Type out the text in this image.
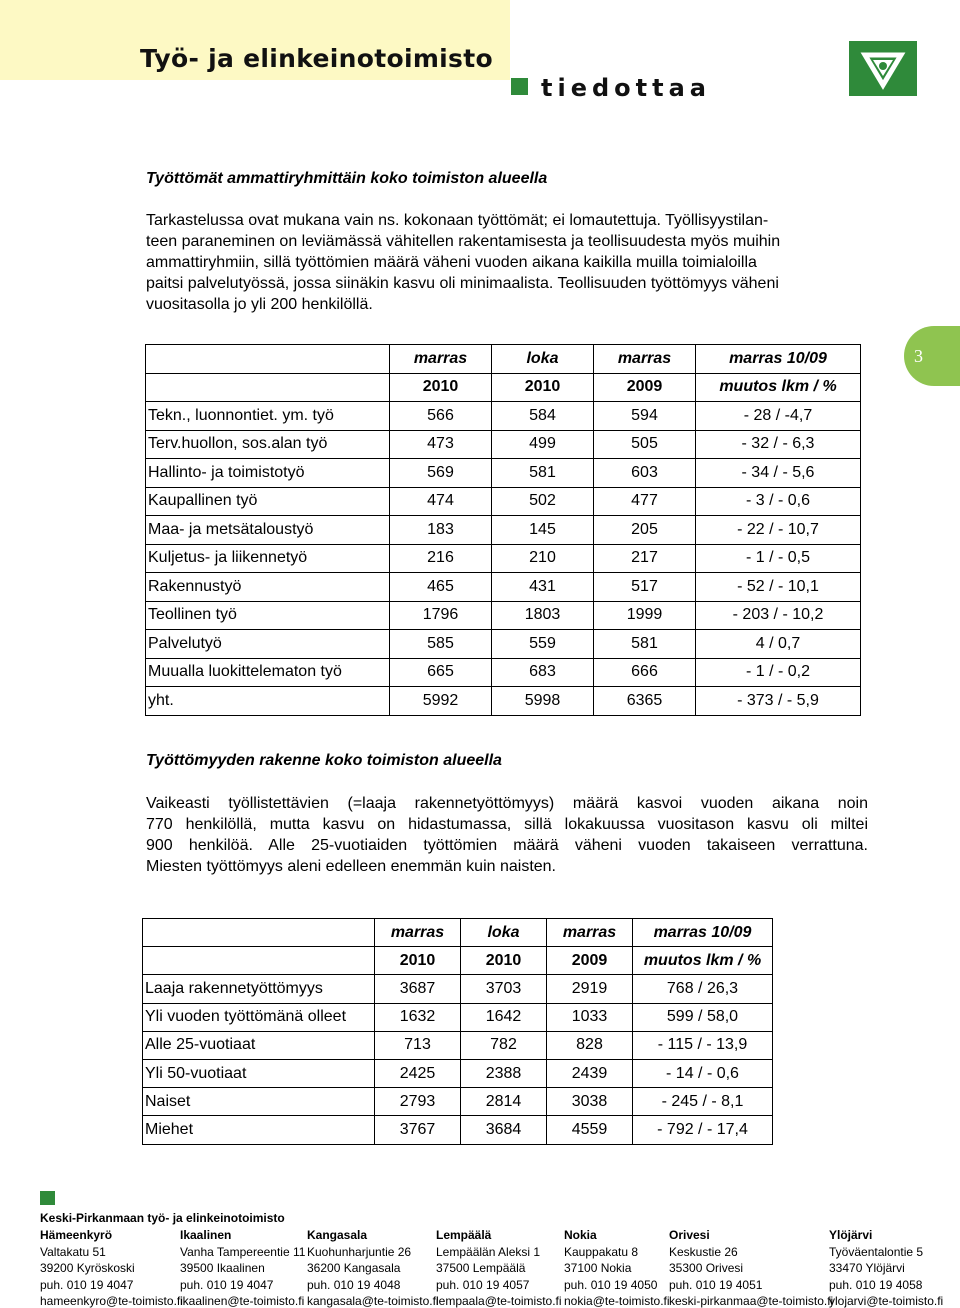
Työ- ja elinkeinotoimisto
tiedottaa
3
Työttömät ammattiryhmittäin koko toimiston alueella
Tarkastelussa ovat mukana vain ns. kokonaan työttömät; ei lomautettuja. Työllisyystilan-
teen paraneminen on leviämässä vähitellen rakentamisesta ja teollisuudesta myös muihin
ammattiryhmiin, sillä työttömien määrä väheni vuoden aikana kaikilla muilla toimialoilla
paitsi palvelutyössä, jossa siinäkin kasvu oli minimaalista. Teollisuuden työttömyys väheni
vuositasolla jo yli 200 henkilöllä.
	marras	loka	marras	marras 10/09
	2010	2010	2009	muutos lkm / %
Tekn., luonnontiet. ym. työ	566	584	594	- 28 / -4,7
Terv.huollon, sos.alan työ	473	499	505	- 32 / - 6,3
Hallinto- ja toimistotyö	569	581	603	- 34 / - 5,6
Kaupallinen työ	474	502	477	- 3 / - 0,6
Maa- ja metsätaloustyö	183	145	205	- 22 / - 10,7
Kuljetus- ja liikennetyö	216	210	217	- 1 / - 0,5
Rakennustyö	465	431	517	- 52 / - 10,1
Teollinen työ	1796	1803	1999	- 203 / - 10,2
Palvelutyö	585	559	581	4 / 0,7
Muualla luokittelematon työ	665	683	666	- 1 / - 0,2
yht.	5992	5998	6365	- 373 / - 5,9
Työttömyyden rakenne koko toimiston alueella
Vaikeasti työllistettävien (=laaja rakennetyöttömyys) määrä kasvoi vuoden aikana noin
770 henkilöllä, mutta kasvu on hidastumassa, sillä lokakuussa vuositason kasvu oli miltei
900 henkilöä. Alle 25-vuotiaiden työttömien määrä väheni vuoden takaiseen verrattuna.
Miesten työttömyys aleni edelleen enemmän kuin naisten.
	marras	loka	marras	marras 10/09
	2010	2010	2009	muutos lkm / %
Laaja rakennetyöttömyys	3687	3703	2919	768 / 26,3
Yli vuoden työttömänä olleet	1632	1642	1033	599 / 58,0
Alle 25-vuotiaat	713	782	828	- 115 / - 13,9
Yli 50-vuotiaat	2425	2388	2439	- 14 / - 0,6
Naiset	2793	2814	3038	- 245 / - 8,1
Miehet	3767	3684	4559	- 792 / - 17,4
Keski-Pirkanmaan työ- ja elinkeinotoimisto
Hämeenkyrö
Valtakatu 51
39200 Kyröskoski
puh. 010 19 4047
hameenkyro@te-toimisto.fi
Ikaalinen
Vanha Tampereentie 11
39500 Ikaalinen
puh. 010 19 4047
ikaalinen@te-toimisto.fi
Kangasala
Kuohunharjuntie 26
36200 Kangasala
puh. 010 19 4048
kangasala@te-toimisto.fi
Lempäälä
Lempäälän Aleksi 1
37500 Lempäälä
puh. 010 19 4057
lempaala@te-toimisto.fi
Nokia
Kauppakatu 8
37100 Nokia
puh. 010 19 4050
nokia@te-toimisto.fi
Orivesi
Keskustie 26
35300 Orivesi
puh. 010 19 4051
keski-pirkanmaa@te-toimisto.fi
Ylöjärvi
Työväentalontie 5
33470 Ylöjärvi
puh. 010 19 4058
ylojarvi@te-toimisto.fi
